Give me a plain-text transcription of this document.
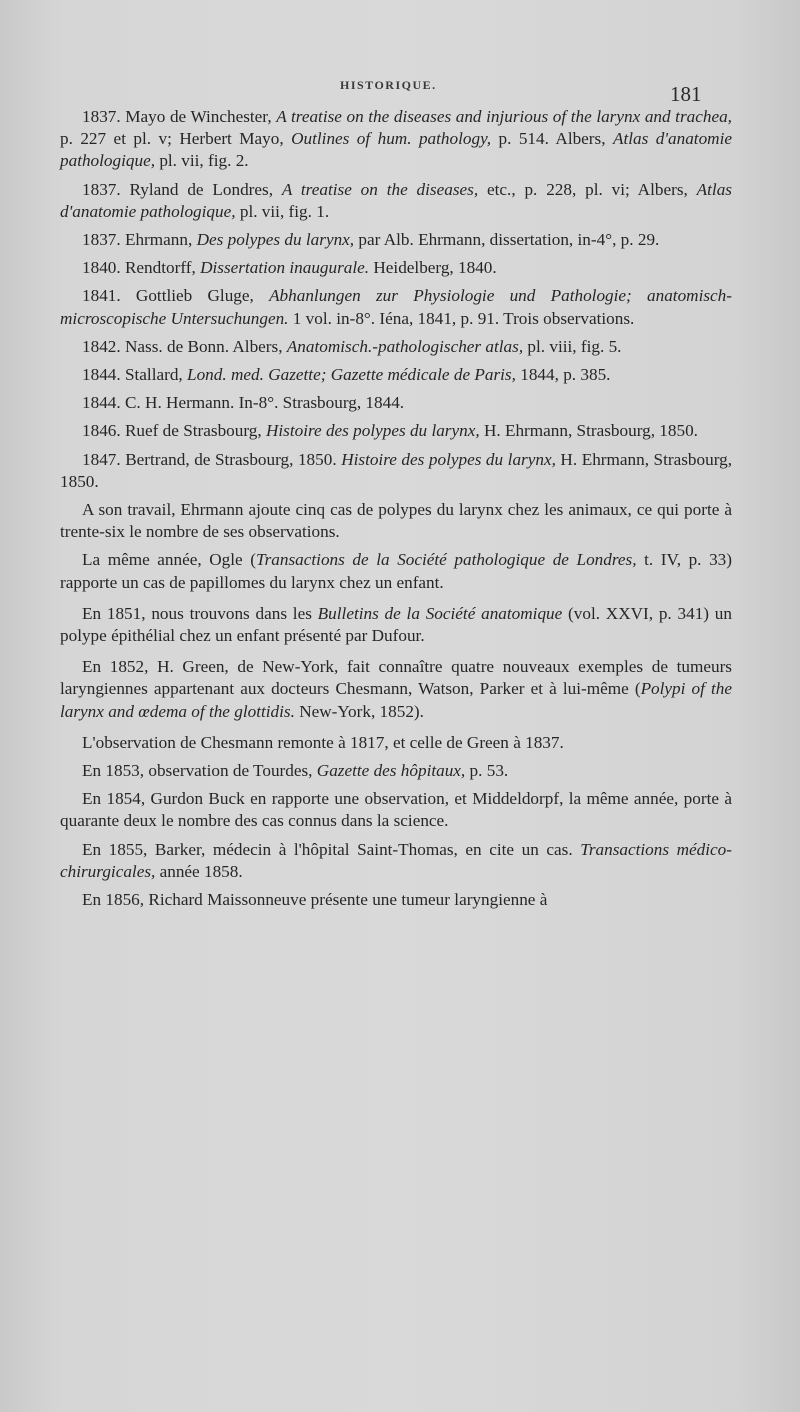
HISTORIQUE.	181

1837. Mayo de Winchester, A treatise on the diseases and injurious of the larynx and trachea, p. 227 et pl. v; Herbert Mayo, Outlines of hum. pathology, p. 514. Albers, Atlas d'anatomie pathologique, pl. vii, fig. 2.

1837. Ryland de Londres, A treatise on the diseases, etc., p. 228, pl. vi; Albers, Atlas d'anatomie pathologique, pl. vii, fig. 1.

1837. Ehrmann, Des polypes du larynx, par Alb. Ehrmann, dissertation, in-4°, p. 29.

1840. Rendtorff, Dissertation inaugurale. Heidelberg, 1840.

1841. Gottlieb Gluge, Abhanlungen zur Physiologie und Pathologie; anatomisch-microscopische Untersuchungen. 1 vol. in-8°. Iéna, 1841, p. 91. Trois observations.

1842. Nass. de Bonn. Albers, Anatomisch.-pathologischer atlas, pl. viii, fig. 5.

1844. Stallard, Lond. med. Gazette; Gazette médicale de Paris, 1844, p. 385.

1844. C. H. Hermann. In-8°. Strasbourg, 1844.

1846. Ruef de Strasbourg, Histoire des polypes du larynx, H. Ehrmann, Strasbourg, 1850.

1847. Bertrand, de Strasbourg, 1850. Histoire des polypes du larynx, H. Ehrmann, Strasbourg, 1850.

A son travail, Ehrmann ajoute cinq cas de polypes du larynx chez les animaux, ce qui porte à trente-six le nombre de ses observations.

La même année, Ogle (Transactions de la Société pathologique de Londres, t. IV, p. 33) rapporte un cas de papillomes du larynx chez un enfant.

En 1851, nous trouvons dans les Bulletins de la Société anatomique (vol. XXVI, p. 341) un polype épithélial chez un enfant présenté par Dufour.

En 1852, H. Green, de New-York, fait connaître quatre nouveaux exemples de tumeurs laryngiennes appartenant aux docteurs Chesmann, Watson, Parker et à lui-même (Polypi of the larynx and œdema of the glottidis. New-York, 1852).

L'observation de Chesmann remonte à 1817, et celle de Green à 1837.

En 1853, observation de Tourdes, Gazette des hôpitaux, p. 53.

En 1854, Gurdon Buck en rapporte une observation, et Middeldorpf, la même année, porte à quarante deux le nombre des cas connus dans la science.

En 1855, Barker, médecin à l'hôpital Saint-Thomas, en cite un cas. Transactions médico-chirurgicales, année 1858.

En 1856, Richard Maissonneuve présente une tumeur laryngienne à
